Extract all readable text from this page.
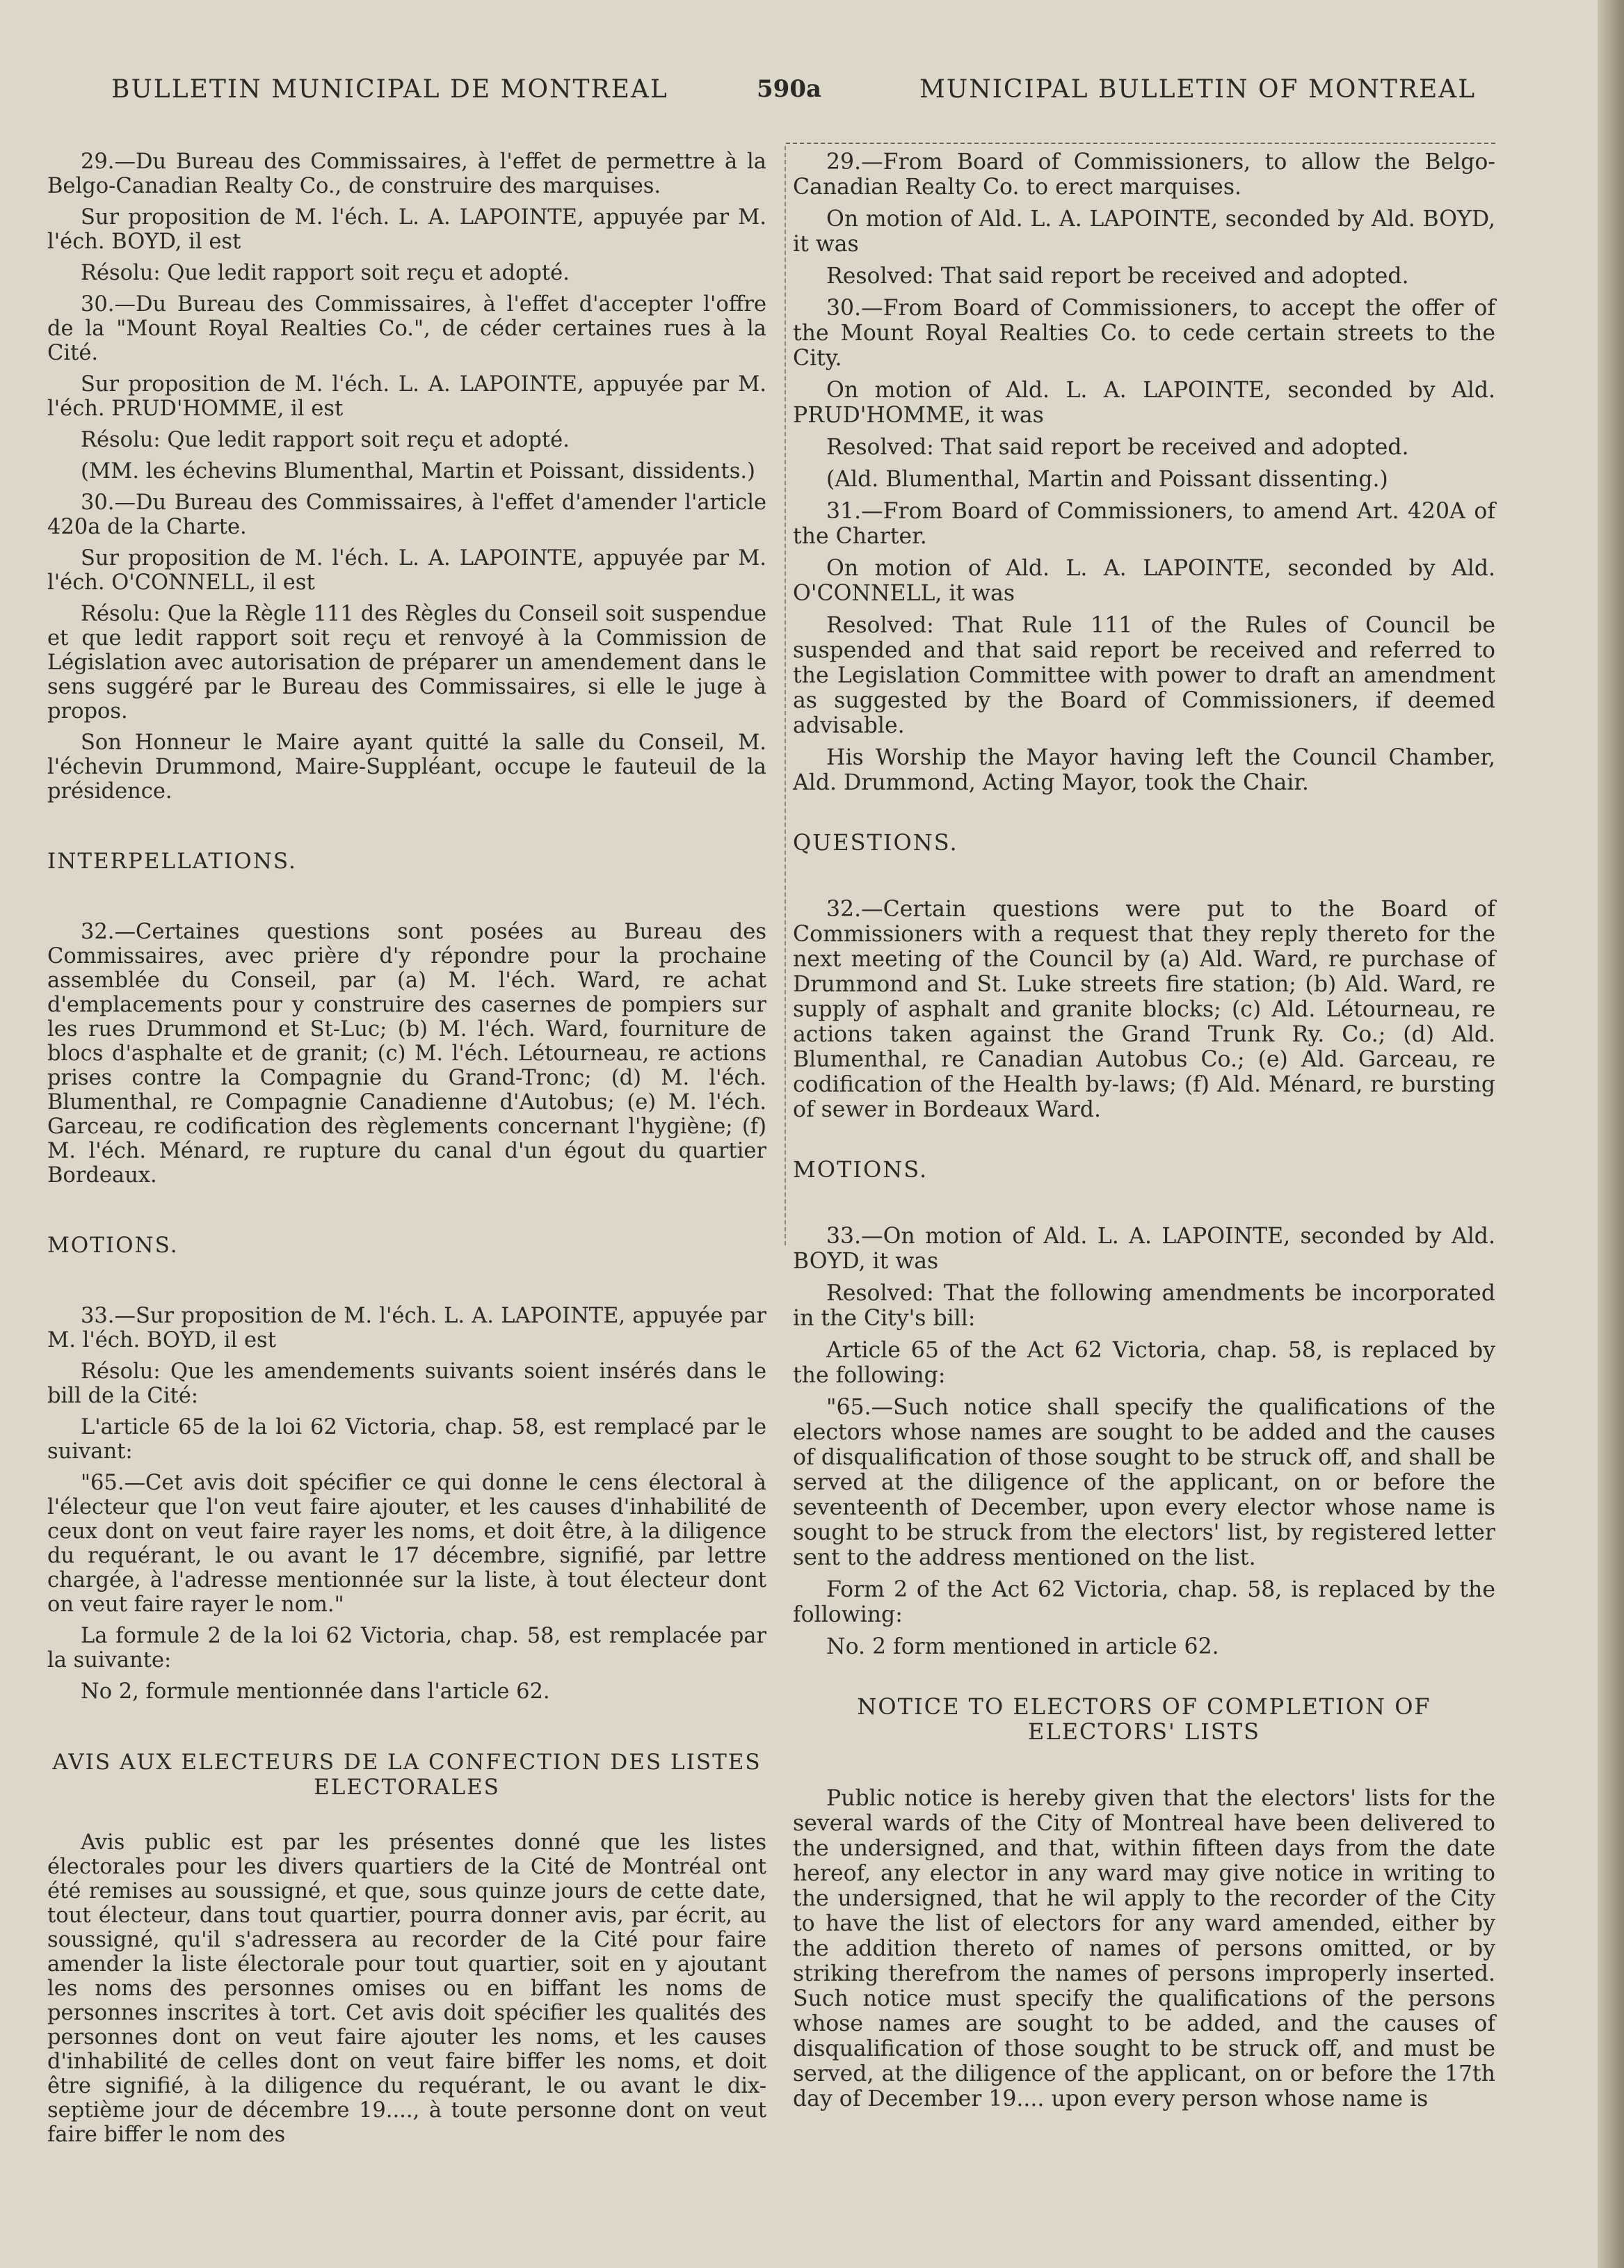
BULLETIN MUNICIPAL DE MONTREAL	590a	MUNICIPAL BULLETIN OF MONTREAL

29.—Du Bureau des Commissaires, à l'effet de permettre à la Belgo-Canadian Realty Co., de construire des marquises.

Sur proposition de M. l'éch. L. A. LAPOINTE, appuyée par M. l'éch. BOYD, il est

Résolu: Que ledit rapport soit reçu et adopté.

30.—Du Bureau des Commissaires, à l'effet d'accepter l'offre de la "Mount Royal Realties Co.", de céder certaines rues à la Cité.

Sur proposition de M. l'éch. L. A. LAPOINTE, appuyée par M. l'éch. PRUD'HOMME, il est

Résolu: Que ledit rapport soit reçu et adopté.

(MM. les échevins Blumenthal, Martin et Poissant, dissidents.)

30.—Du Bureau des Commissaires, à l'effet d'amender l'article 420a de la Charte.

Sur proposition de M. l'éch. L. A. LAPOINTE, appuyée par M. l'éch. O'CONNELL, il est

Résolu: Que la Règle 111 des Règles du Conseil soit suspendue et que ledit rapport soit reçu et renvoyé à la Commission de Législation avec autorisation de préparer un amendement dans le sens suggéré par le Bureau des Commissaires, si elle le juge à propos.

Son Honneur le Maire ayant quitté la salle du Conseil, M. l'échevin Drummond, Maire-Suppléant, occupe le fauteuil de la présidence.

INTERPELLATIONS.

32.—Certaines questions sont posées au Bureau des Commissaires, avec prière d'y répondre pour la prochaine assemblée du Conseil, par (a) M. l'éch. Ward, re achat d'emplacements pour y construire des casernes de pompiers sur les rues Drummond et St-Luc; (b) M. l'éch. Ward, fourniture de blocs d'asphalte et de granit; (c) M. l'éch. Létourneau, re actions prises contre la Compagnie du Grand-Tronc; (d) M. l'éch. Blumenthal, re Compagnie Canadienne d'Autobus; (e) M. l'éch. Garceau, re codification des règlements concernant l'hygiène; (f) M. l'éch. Ménard, re rupture du canal d'un égout du quartier Bordeaux.

MOTIONS.

33.—Sur proposition de M. l'éch. L. A. LAPOINTE, appuyée par M. l'éch. BOYD, il est

Résolu: Que les amendements suivants soient insérés dans le bill de la Cité:

L'article 65 de la loi 62 Victoria, chap. 58, est remplacé par le suivant:

"65.—Cet avis doit spécifier ce qui donne le cens électoral à l'électeur que l'on veut faire ajouter, et les causes d'inhabilité de ceux dont on veut faire rayer les noms, et doit être, à la diligence du requérant, le ou avant le 17 décembre, signifié, par lettre chargée, à l'adresse mentionnée sur la liste, à tout électeur dont on veut faire rayer le nom."

La formule 2 de la loi 62 Victoria, chap. 58, est remplacée par la suivante:

No 2, formule mentionnée dans l'article 62.

AVIS AUX ELECTEURS DE LA CONFECTION DES LISTES ELECTORALES

Avis public est par les présentes donné que les listes électorales pour les divers quartiers de la Cité de Montréal ont été remises au soussigné, et que, sous quinze jours de cette date, tout électeur, dans tout quartier, pourra donner avis, par écrit, au soussigné, qu'il s'adressera au recorder de la Cité pour faire amender la liste électorale pour tout quartier, soit en y ajoutant les noms des personnes omises ou en biffant les noms de personnes inscrites à tort. Cet avis doit spécifier les qualités des personnes dont on veut faire ajouter les noms, et les causes d'inhabilité de celles dont on veut faire biffer les noms, et doit être signifié, à la diligence du requérant, le ou avant le dix-septième jour de décembre 19...., à toute personne dont on veut faire biffer le nom des

29.—From Board of Commissioners, to allow the Belgo-Canadian Realty Co. to erect marquises.

On motion of Ald. L. A. LAPOINTE, seconded by Ald. BOYD, it was

Resolved: That said report be received and adopted.

30.—From Board of Commissioners, to accept the offer of the Mount Royal Realties Co. to cede certain streets to the City.

On motion of Ald. L. A. LAPOINTE, seconded by Ald. PRUD'HOMME, it was

Resolved: That said report be received and adopted.

(Ald. Blumenthal, Martin and Poissant dissenting.)

31.—From Board of Commissioners, to amend Art. 420A of the Charter.

On motion of Ald. L. A. LAPOINTE, seconded by Ald. O'CONNELL, it was

Resolved: That Rule 111 of the Rules of Council be suspended and that said report be received and referred to the Legislation Committee with power to draft an amendment as suggested by the Board of Commissioners, if deemed advisable.

His Worship the Mayor having left the Council Chamber, Ald. Drummond, Acting Mayor, took the Chair.

QUESTIONS.

32.—Certain questions were put to the Board of Commissioners with a request that they reply thereto for the next meeting of the Council by (a) Ald. Ward, re purchase of Drummond and St. Luke streets fire station; (b) Ald. Ward, re supply of asphalt and granite blocks; (c) Ald. Létourneau, re actions taken against the Grand Trunk Ry. Co.; (d) Ald. Blumenthal, re Canadian Autobus Co.; (e) Ald. Garceau, re codification of the Health by-laws; (f) Ald. Ménard, re bursting of sewer in Bordeaux Ward.

MOTIONS.

33.—On motion of Ald. L. A. LAPOINTE, seconded by Ald. BOYD, it was

Resolved: That the following amendments be incorporated in the City's bill:

Article 65 of the Act 62 Victoria, chap. 58, is replaced by the following:

"65.—Such notice shall specify the qualifications of the electors whose names are sought to be added and the causes of disqualification of those sought to be struck off, and shall be served at the diligence of the applicant, on or before the seventeenth of December, upon every elector whose name is sought to be struck from the electors' list, by registered letter sent to the address mentioned on the list.

Form 2 of the Act 62 Victoria, chap. 58, is replaced by the following:

No. 2 form mentioned in article 62.

NOTICE TO ELECTORS OF COMPLETION OF ELECTORS' LISTS

Public notice is hereby given that the electors' lists for the several wards of the City of Montreal have been delivered to the undersigned, and that, within fifteen days from the date hereof, any elector in any ward may give notice in writing to the undersigned, that he wil apply to the recorder of the City to have the list of electors for any ward amended, either by the addition thereto of names of persons omitted, or by striking therefrom the names of persons improperly inserted. Such notice must specify the qualifications of the persons whose names are sought to be added, and the causes of disqualification of those sought to be struck off, and must be served, at the diligence of the applicant, on or before the 17th day of December 19.... upon every person whose name is
